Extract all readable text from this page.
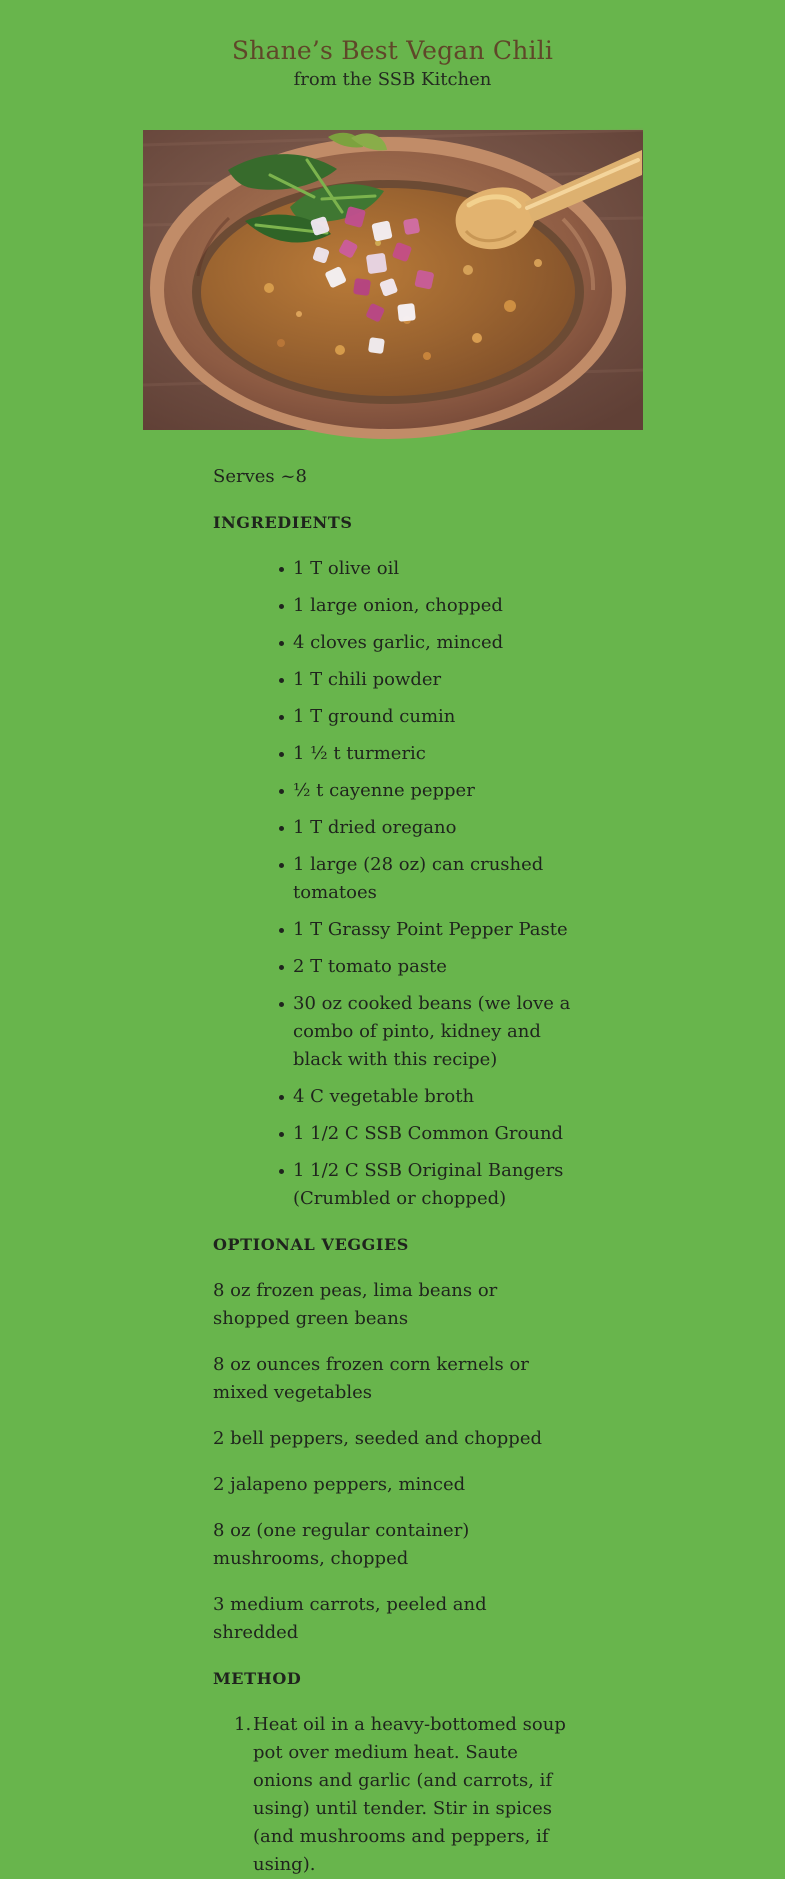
Shane’s Best Vegan Chili
from the SSB Kitchen

Serves ~8

INGREDIENTS
1 T olive oil
1 large onion, chopped
4 cloves garlic, minced
1 T chili powder
1 T ground cumin
1 ½ t turmeric
½ t cayenne pepper
1 T dried oregano
1 large (28 oz) can crushed tomatoes
1 T Grassy Point Pepper Paste
2 T tomato paste
30 oz cooked beans (we love a combo of pinto, kidney and black with this recipe)
4 C vegetable broth
1 1/2 C SSB Common Ground
1 1/2 C SSB Original Bangers (Crumbled or chopped)
OPTIONAL VEGGIES

8 oz frozen peas, lima beans or shopped green beans

8 oz ounces frozen corn kernels or mixed vegetables

2 bell peppers, seeded and chopped

2 jalapeno peppers, minced

8 oz (one regular container) mushrooms, chopped

3 medium carrots, peeled and shredded

METHOD
1. Heat oil in a heavy-bottomed soup pot over medium heat. Saute onions and garlic (and carrots, if using) until tender. Stir in spices (and mushrooms and peppers, if using).
